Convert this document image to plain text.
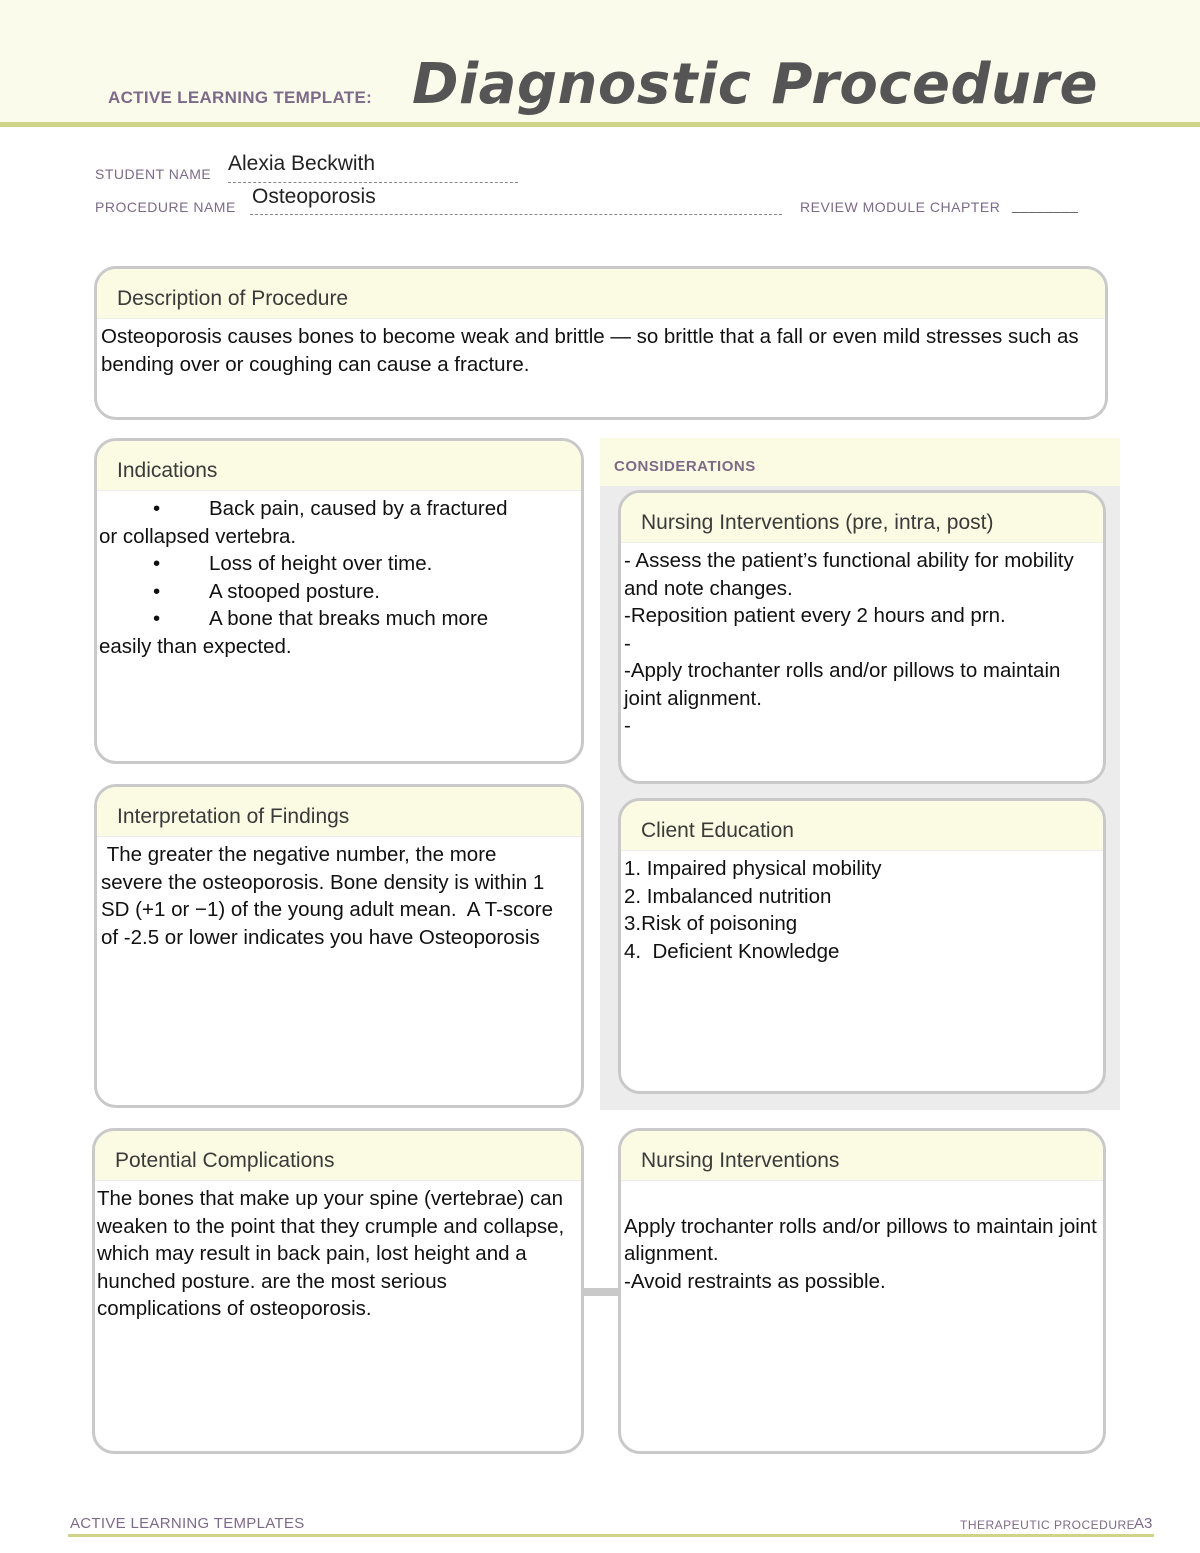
ACTIVE LEARNING TEMPLATE: Diagnostic Procedure
STUDENT NAME Alexia Beckwith
PROCEDURE NAME Osteoporosis	REVIEW MODULE CHAPTER ________
Description of Procedure
Osteoporosis causes bones to become weak and brittle — so brittle that a fall or even mild stresses such as bending over or coughing can cause a fracture.
CONSIDERATIONS
Indications
• Back pain, caused by a fractured
or collapsed vertebra.
• Loss of height over time.
• A stooped posture.
• A bone that breaks much more
easily than expected.
Nursing Interventions (pre, intra, post)
- Assess the patient’s functional ability for mobility and note changes.
-Reposition patient every 2 hours and prn.
-
-Apply trochanter rolls and/or pillows to maintain joint alignment.
-
Interpretation of Findings
The greater the negative number, the more severe the osteoporosis. Bone density is within 1 SD (+1 or −1) of the young adult mean.  A T-score of -2.5 or lower indicates you have Osteoporosis
Client Education
1. Impaired physical mobility
2. Imbalanced nutrition
3.Risk of poisoning
4.  Deficient Knowledge
Potential Complications
The bones that make up your spine (vertebrae) can weaken to the point that they crumple and collapse, which may result in back pain, lost height and a hunched posture. are the most serious complications of osteoporosis.
Nursing Interventions

Apply trochanter rolls and/or pillows to maintain joint alignment.
-Avoid restraints as possible.
ACTIVE LEARNING TEMPLATES	THERAPEUTIC PROCEDURE
A3
